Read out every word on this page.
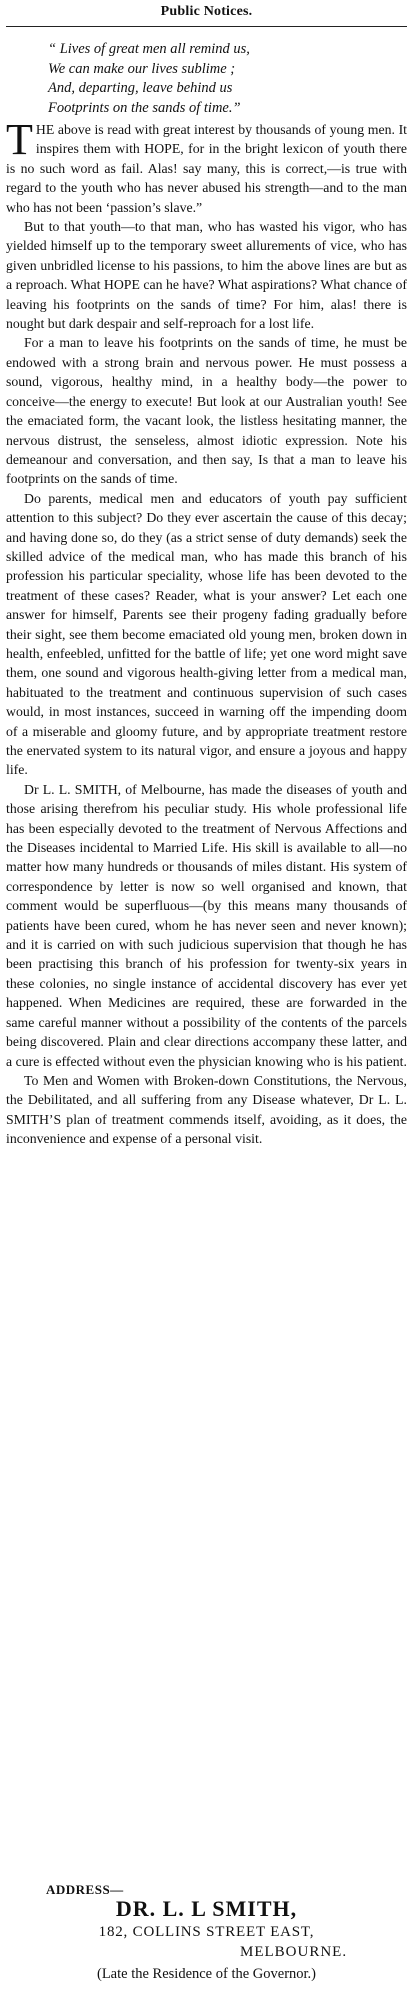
Public Notices.
“ Lives of great men all remind us,
We can make our lives sublime ;
And, departing, leave behind us
Footprints on the sands of time.”

THE above is read with great interest by thousands of young men. It inspires them with HOPE, for in the bright lexicon of youth there is no such word as fail. Alas! say many, this is correct,—is true with regard to the youth who has never abused his strength—and to the man who has not been ‘passion’s slave.”

But to that youth—to that man, who has wasted his vigor, who has yielded himself up to the temporary sweet allurements of vice, who has given unbridled license to his passions, to him the above lines are but as a reproach. What HOPE can he have? What aspirations? What chance of leaving his footprints on the sands of time? For him, alas! there is nought but dark despair and self-reproach for a lost life.

For a man to leave his footprints on the sands of time, he must be endowed with a strong brain and nervous power. He must possess a sound, vigorous, healthy mind, in a healthy body—the power to conceive—the energy to execute! But look at our Australian youth! See the emaciated form, the vacant look, the listless hesitating manner, the nervous distrust, the senseless, almost idiotic expression. Note his demeanour and conversation, and then say, Is that a man to leave his footprints on the sands of time.

Do parents, medical men and educators of youth pay sufficient attention to this subject? Do they ever ascertain the cause of this decay; and having done so, do they (as a strict sense of duty demands) seek the skilled advice of the medical man, who has made this branch of his profession his particular speciality, whose life has been devoted to the treatment of these cases? Reader, what is your answer? Let each one answer for himself, Parents see their progeny fading gradually before their sight, see them become emaciated old young men, broken down in health, enfeebled, unfitted for the battle of life; yet one word might save them, one sound and vigorous health-giving letter from a medical man, habituated to the treatment and continuous supervision of such cases would, in most instances, succeed in warning off the impending doom of a miserable and gloomy future, and by appropriate treatment restore the enervated system to its natural vigor, and ensure a joyous and happy life.

Dr L. L. SMITH, of Melbourne, has made the diseases of youth and those arising therefrom his peculiar study. His whole professional life has been especially devoted to the treatment of Nervous Affections and the Diseases incidental to Married Life. His skill is available to all—no matter how many hundreds or thousands of miles distant. His system of correspondence by letter is now so well organised and known, that comment would be superfluous—(by this means many thousands of patients have been cured, whom he has never seen and never known); and it is carried on with such judicious supervision that though he has been practising this branch of his profession for twenty-six years in these colonies, no single instance of accidental discovery has ever yet happened. When Medicines are required, these are forwarded in the same careful manner without a possibility of the contents of the parcels being discovered. Plain and clear directions accompany these latter, and a cure is effected without even the physician knowing who is his patient.

To Men and Women with Broken-down Constitutions, the Nervous, the Debilitated, and all suffering from any Disease whatever, Dr L. L. SMITH’S plan of treatment commends itself, avoiding, as it does, the inconvenience and expense of a personal visit.

ADDRESS—
DR. L. L SMITH,
182, COLLINS STREET EAST,
MELBOURNE.
(Late the Residence of the Governor.)
